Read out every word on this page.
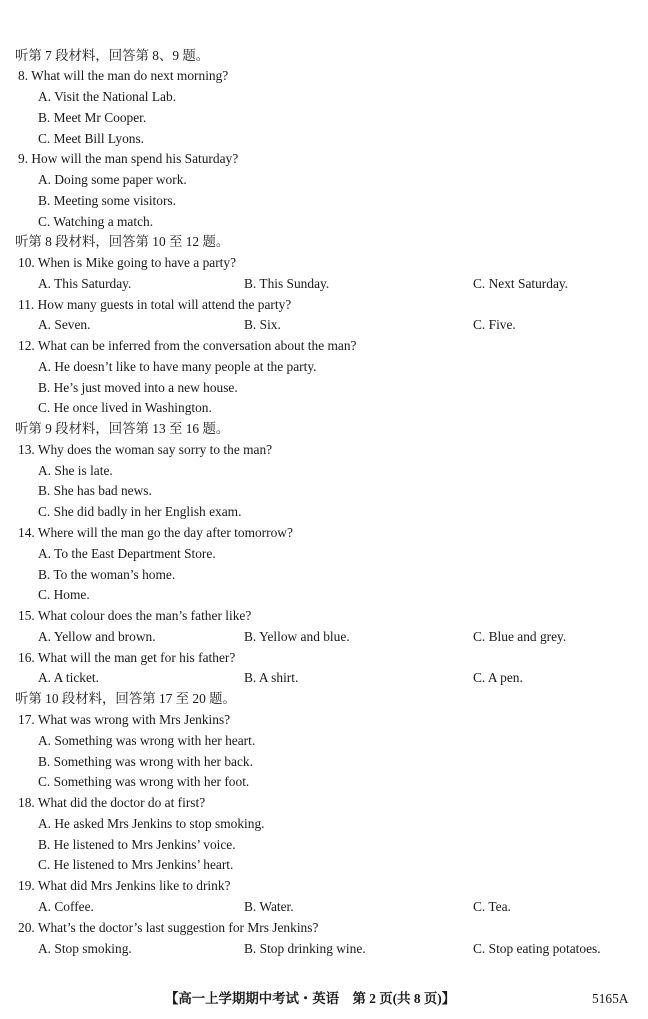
听第 7 段材料，回答第 8、9 题。
8. What will the man do next morning?
A. Visit the National Lab.
B. Meet Mr Cooper.
C. Meet Bill Lyons.
9. How will the man spend his Saturday?
A. Doing some paper work.
B. Meeting some visitors.
C. Watching a match.
听第 8 段材料，回答第 10 至 12 题。
10. When is Mike going to have a party?
A. This Saturday.	B. This Sunday.	C. Next Saturday.
11. How many guests in total will attend the party?
A. Seven.	B. Six.	C. Five.
12. What can be inferred from the conversation about the man?
A. He doesn’t like to have many people at the party.
B. He’s just moved into a new house.
C. He once lived in Washington.
听第 9 段材料，回答第 13 至 16 题。
13. Why does the woman say sorry to the man?
A. She is late.
B. She has bad news.
C. She did badly in her English exam.
14. Where will the man go the day after tomorrow?
A. To the East Department Store.
B. To the woman’s home.
C. Home.
15. What colour does the man’s father like?
A. Yellow and brown.	B. Yellow and blue.	C. Blue and grey.
16. What will the man get for his father?
A. A ticket.	B. A shirt.	C. A pen.
听第 10 段材料，回答第 17 至 20 题。
17. What was wrong with Mrs Jenkins?
A. Something was wrong with her heart.
B. Something was wrong with her back.
C. Something was wrong with her foot.
18. What did the doctor do at first?
A. He asked Mrs Jenkins to stop smoking.
B. He listened to Mrs Jenkins’ voice.
C. He listened to Mrs Jenkins’ heart.
19. What did Mrs Jenkins like to drink?
A. Coffee.	B. Water.	C. Tea.
20. What’s the doctor’s last suggestion for Mrs Jenkins?
A. Stop smoking.	B. Stop drinking wine.	C. Stop eating potatoes.
【高一上学期期中考试・英语　第 2 页(共 8 页)】	5165A
